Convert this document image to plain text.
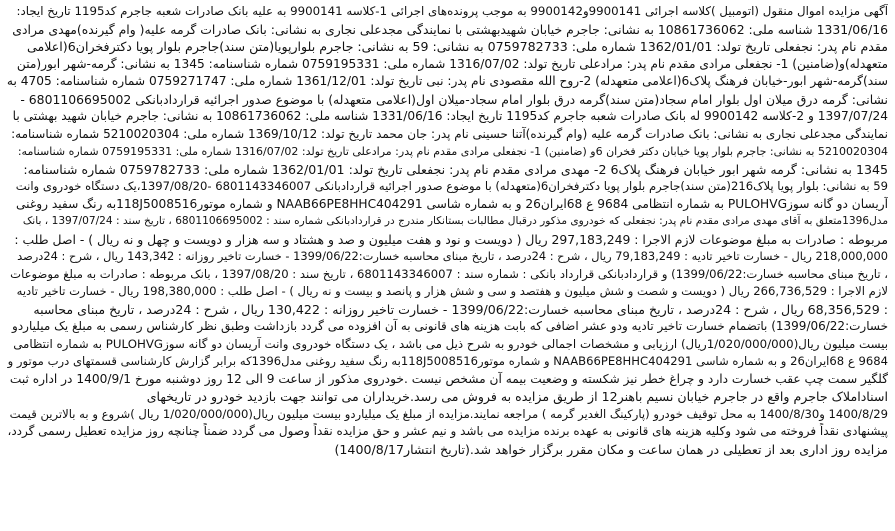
آگهی مزایده اموال منقول (اتومبیل )کلاسه اجرائی 9900141و9900142 به موجب پرونده‌های اجرائی 1-کلاسه 9900141 به علیه بانک صادرات شعبه جاجرم کد1195 تاریخ ایجاد:
1331/06/16 شناسه ملی: 10861736062 به نشانی: جاجرم خیابان شهیدبهشتی با نمایندگی مجدعلی نجاری به نشانی: بانک صادرات گرمه علیه( وام گیرنده)مهدی مرادی
مقدم نام پدر: نجفعلی تاریخ تولد: 1362/01/01 شماره ملی: 0759782733 به نشانی: 59 به نشانی: جاجرم بلوارپویا(متن سند)جاجرم بلوار پویا دکترفخران6(اعلامی
متعهدله)و(ضامنین) 1- نجفعلی مرادی مقدم نام پدر: مرادعلی تاریخ تولد: 1316/07/02 شماره ملی: 0759195331 شماره شناسنامه: 1345 به نشانی: گرمه-شهر ابور(متن
سند)گرمه-شهر ابور-خیابان فرهنگ پلاک6(اعلامی متعهدله) 2-روح الله مقصودی نام پدر: نبی تاریخ تولد: 1361/12/01 شماره ملی: 0759271747 شماره شناسنامه: 4705 به
نشانی: گرمه درق میلان اول بلوار امام سجاد(متن سند)گرمه درق بلوار امام سجاد-میلان اول(اعلامی متعهدله) با موضوع صدور اجرائیه قراردادبانکی 6801106695002 -
1397/07/24 و 2-کلاسه 9900142 له بانک صادرات شعبه جاجرم کد1195 تاریخ ایجاد: 1331/06/16 شناسه ملی: 10861736062 به نشانی: جاجرم خیابان شهید بهشتی با
نمایندگی مجدعلی نجاری به نشانی: بانک صادرات گرمه علیه (وام گیرنده)آتنا حسینی نام پدر: جان محمد تاریخ تولد: 1369/10/12 شماره ملی: 5210020304 شماره شناسنامه:
5210020304 به نشانی: جاجرم بلوار پویا خیابان دکتر فخران 6و (ضامنین) 1- نجفعلی مرادی مقدم نام پدر: مرادعلی تاریخ تولد: 1316/07/02 شماره ملی: 0759195331 شماره شناسنامه:
1345 به نشانی: گرمه شهر ابور خیابان فرهنگ پلاک6 2- مهدی مرادی مقدم نام پدر: نجفعلی تاریخ تولد: 1362/01/01 شماره ملی: 0759782733 شماره شناسنامه:
59 به نشانی: بلوار پویا پلاک216(متن سند)جاجرم بلوار پویا دکترفخران6(متعهدله) با موضوع صدور اجرائیه قراردادبانکی 6801143346007 -1397/08/20،یک دستگاه خودروی وانت
آریسان دو گانه سوزPULOHVG به شماره انتظامی 9684 ع 68ایران26 و به شماره شاسی NAAB66PE8HHC404291 و شماره موتور118J5008516به رنگ سفید روغنی
مدل1396متعلق به آقای مهدی مرادی مقدم نام پدر: نجفعلی که خودروی مذکور درقبال مطالبات بستانکار مندرج در قراردادبانکی شماره سند : 6801106695002 ، تاریخ سند : 1397/07/24 ، بانک
مربوطه : صادرات به مبلغ موضوعات لازم الاجرا : 297,183,249 ریال ( دویست و نود و هفت میلیون و صد و هشتاد و سه هزار و دویست و چهل و نه ریال ) - اصل طلب :
218,000,000 ریال - خسارت تاخیر تادیه : 79,183,249 ریال ، شرح : 24درصد ، تاریخ مبنای محاسبه خسارت:1399/06/22 - خسارت تاخیر روزانه : 143,342 ریال ، شرح : 24درصد
، تاریخ مبنای محاسبه خسارت:1399/06/22) و قراردادبانکی قرارداد بانکی : شماره سند : 6801143346007 ، تاریخ سند : 1397/08/20 ، بانک مربوطه : صادرات به مبلغ موضوعات
لازم الاجرا : 266,736,529 ریال ( دویست و شصت و شش میلیون و هفتصد و سی و شش هزار و پانصد و بیست و نه ریال ) - اصل طلب : 198,380,000 ریال - خسارت تاخیر تادیه
: 68,356,529 ریال ، شرح : 24درصد ، تاریخ مبنای محاسبه خسارت:1399/06/22 - خسارت تاخیر روزانه : 130,422 ریال ، شرح : 24درصد ، تاریخ مبنای محاسبه
خسارت:1399/06/22) باتضمام خسارت تاخیر تادیه ودو عشر اضافی که بابت هزینه های قانونی به آن افزوده می گردد بازداشت وطبق نظر کارشناس رسمی به مبلغ یک میلیاردو
بیست میلیون ریال(1/020/000/000ریال) ارزیابی و مشخصات اجمالی خودرو به شرح ذیل می باشد ، یک دستگاه خودروی وانت آریسان دو گانه سوزPULOHVG به شماره انتظامی
9684 ع 68ایران26 و به شماره شاسی NAAB66PE8HHC404291 و شماره موتور118J5008516به رنگ سفید روغنی مدل1396که برابر گزارش کارشناسی قسمتهای درب موتور و
گلگیر سمت چپ عقب خسارت دارد و چراغ خطر نیز شکسته و وضعیت بیمه آن مشخص نیست .خودروی مذکور از ساعت 9 الی 12 روز دوشنبه مورخ 1400/9/1 در اداره ثبت
اسناداملاک جاجرم واقع در جاجرم خیابان نسیم باهنر12 از طریق مزایده به فروش می رسد.خریداران می توانند جهت بازدید خودرو در تاریخهای
1400/8/29 و1400/8/30 به محل توقیف خودرو (پارکینگ الغدیر گرمه ) مراجعه نمایند.مزایده از مبلغ یک میلیاردو بیست میلیون ریال(1/020/000/000 ریال )شروع و به بالاترین قیمت
پیشنهادی نقداً فروخته می شود وکلیه هزینه های قانونی به عهده برنده مزایده می باشد و نیم عشر و حق مزایده نقداً وصول می گردد ضمناً چنانچه روز مزایده تعطیل رسمی گردد،
مزایده روز اداری بعد از تعطیلی در همان ساعت و مکان مقرر برگزار خواهد شد.(تاریخ انتشار1400/8/17)
